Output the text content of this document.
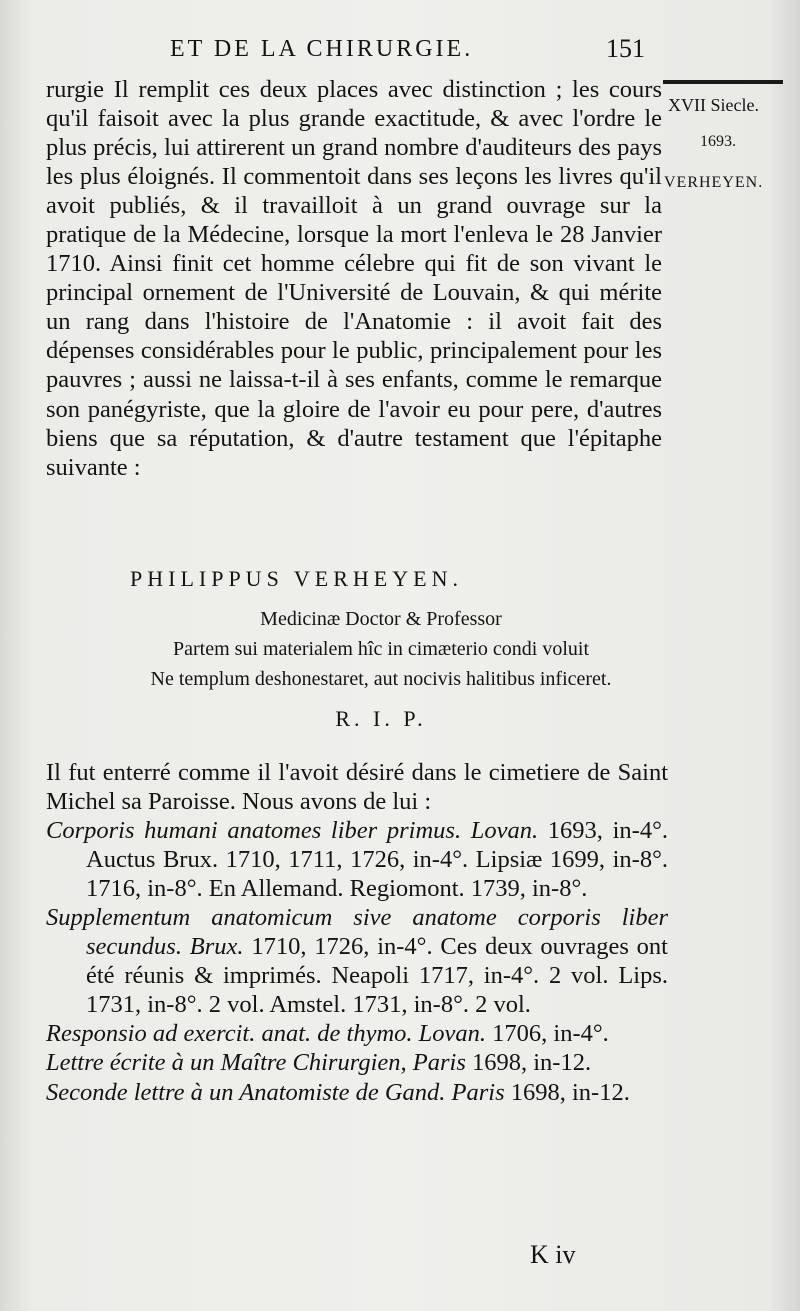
ET DE LA CHIRURGIE.	151
XVII Siecle.
1693.
VERHEYEN.

rurgie Il remplit ces deux places avec distinction ; les cours qu'il faisoit avec la plus grande exactitude, & avec l'ordre le plus précis, lui attirerent un grand nombre d'auditeurs des pays les plus éloignés. Il commentoit dans ses leçons les livres qu'il avoit publiés, & il travailloit à un grand ouvrage sur la pratique de la Médecine, lorsque la mort l'enleva le 28 Janvier 1710. Ainsi finit cet homme célebre qui fit de son vivant le principal ornement de l'Université de Louvain, & qui mérite un rang dans l'histoire de l'Anatomie : il avoit fait des dépenses considérables pour le public, principalement pour les pauvres ; aussi ne laissa-t-il à ses enfants, comme le remarque son panégyriste, que la gloire de l'avoir eu pour pere, d'autres biens que sa réputation, & d'autre testament que l'épitaphe suivante :

PHILIPPUS VERHEYEN.
Medicinæ Doctor & Professor
Partem sui materialem hîc in cimæterio condi voluit
Ne templum deshonestaret, aut nocivis halitibus inficeret.
R. I. P.

Il fut enterré comme il l'avoit désiré dans le cimetiere de Saint Michel sa Paroisse. Nous avons de lui :

Corporis humani anatomes liber primus. Lovan. 1693, in-4°. Auctus Brux. 1710, 1711, 1726, in-4°. Lipsiæ 1699, in-8°. 1716, in-8°. En Allemand. Regiomont. 1739, in-8°.

Supplementum anatomicum sive anatome corporis liber secundus. Brux. 1710, 1726, in-4°. Ces deux ouvrages ont été réunis & imprimés. Neapoli 1717, in-4°. 2 vol. Lips. 1731, in-8°. 2 vol. Amstel. 1731, in-8°. 2 vol.

Responsio ad exercit. anat. de thymo. Lovan. 1706, in-4°.

Lettre écrite à un Maître Chirurgien, Paris 1698, in-12.

Seconde lettre à un Anatomiste de Gand. Paris 1698, in-12.

K iv
